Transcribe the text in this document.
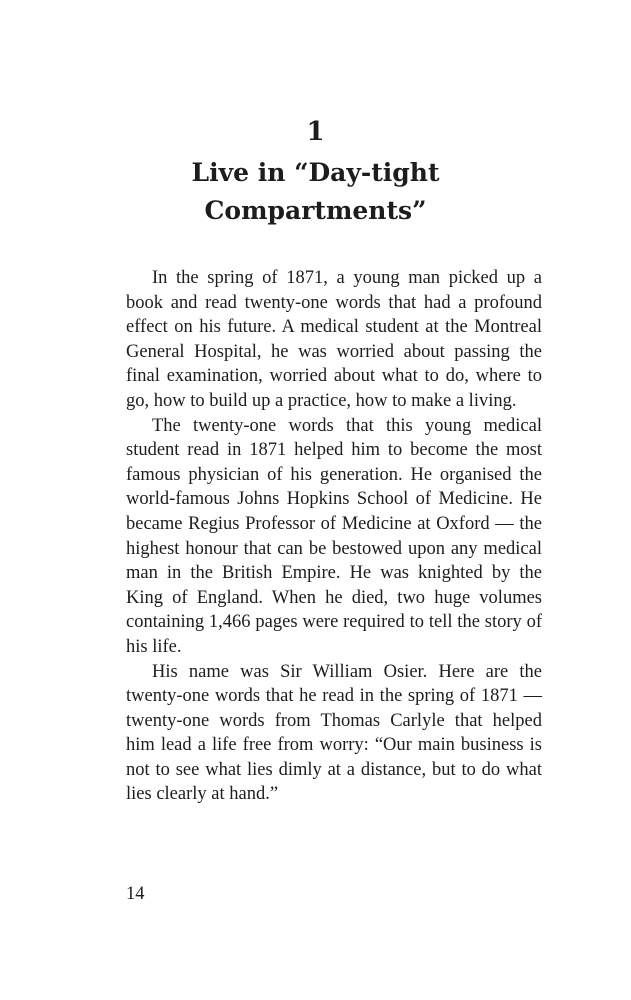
1
Live in “Day-tight
Compartments”

In the spring of 1871, a young man picked up a book and read twenty-one words that had a profound effect on his future. A medical student at the Montreal General Hospital, he was worried about passing the final examination, worried about what to do, where to go, how to build up a practice, how to make a living.

The twenty-one words that this young medical student read in 1871 helped him to become the most famous physician of his generation. He organised the world-famous Johns Hopkins School of Medicine. He became Regius Professor of Medicine at Oxford — the highest honour that can be bestowed upon any medical man in the British Empire. He was knighted by the King of England. When he died, two huge volumes containing 1,466 pages were required to tell the story of his life.

His name was Sir William Osier. Here are the twenty-one words that he read in the spring of 1871 — twenty-one words from Thomas Carlyle that helped him lead a life free from worry: “Our main business is not to see what lies dimly at a distance, but to do what lies clearly at hand.”

14
